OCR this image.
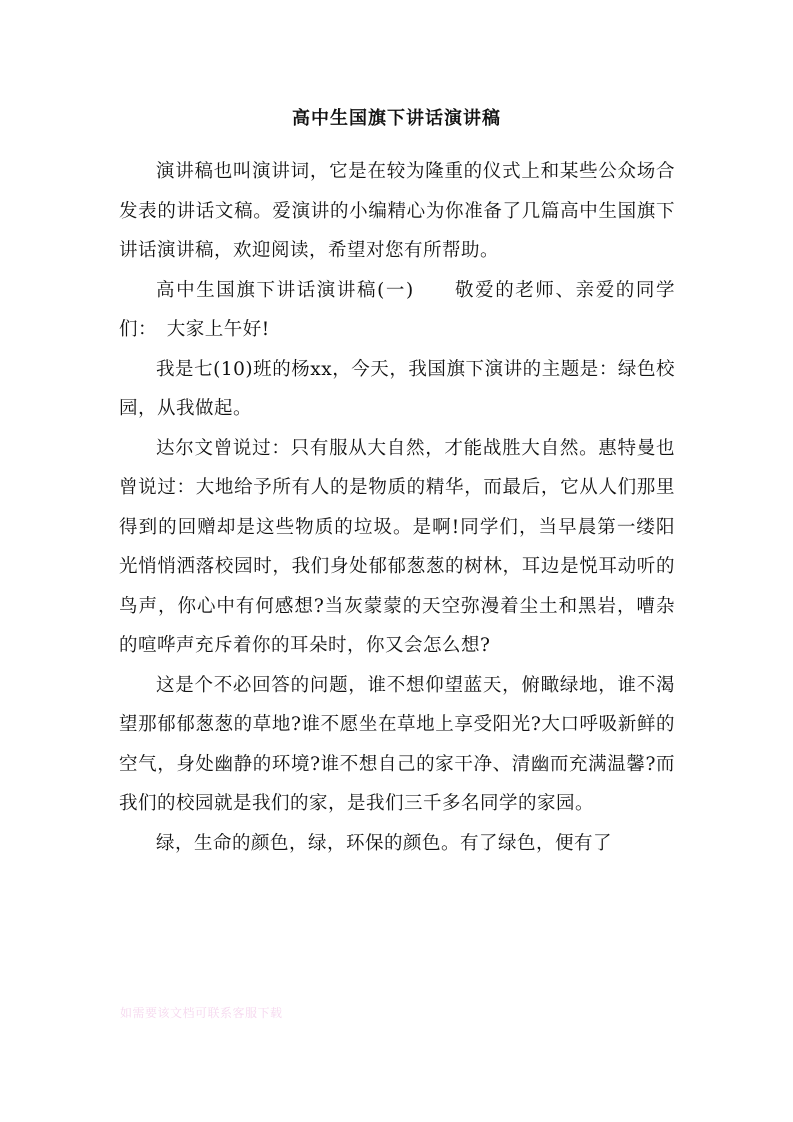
高中生国旗下讲话演讲稿

演讲稿也叫演讲词，它是在较为隆重的仪式上和某些公众场合发表的讲话文稿。爱演讲的小编精心为你准备了几篇高中生国旗下讲话演讲稿，欢迎阅读，希望对您有所帮助。

高中生国旗下讲话演讲稿(一)　　敬爱的老师、亲爱的同学们：　大家上午好!

我是七(10)班的杨xx，今天，我国旗下演讲的主题是：绿色校园，从我做起。

达尔文曾说过：只有服从大自然，才能战胜大自然。惠特曼也曾说过：大地给予所有人的是物质的精华，而最后，它从人们那里得到的回赠却是这些物质的垃圾。是啊!同学们，当早晨第一缕阳光悄悄洒落校园时，我们身处郁郁葱葱的树林，耳边是悦耳动听的鸟声，你心中有何感想?当灰蒙蒙的天空弥漫着尘土和黑岩，嘈杂的喧哗声充斥着你的耳朵时，你又会怎么想?

这是个不必回答的问题，谁不想仰望蓝天，俯瞰绿地，谁不渴望那郁郁葱葱的草地?谁不愿坐在草地上享受阳光?大口呼吸新鲜的空气，身处幽静的环境?谁不想自己的家干净、清幽而充满温馨?而我们的校园就是我们的家，是我们三千多名同学的家园。

绿，生命的颜色，绿，环保的颜色。有了绿色，便有了

如需要该文档可联系客服下载
